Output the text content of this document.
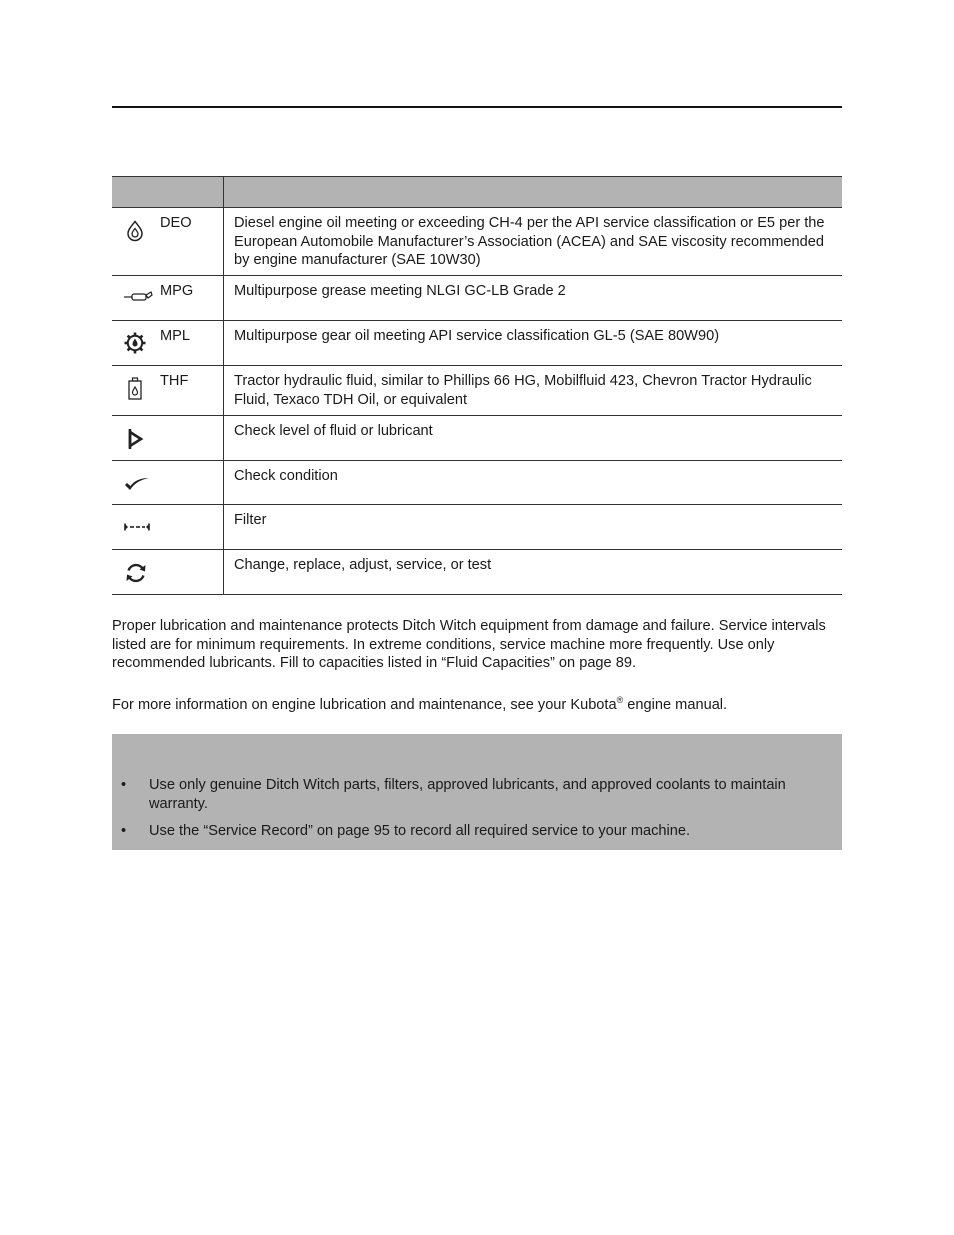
DEO	Diesel engine oil meeting or exceeding CH-4 per the API service classification or E5 per the European Automobile Manufacturer’s Association (ACEA) and SAE viscosity recommended by engine manufacturer (SAE 10W30)

MPG	Multipurpose grease meeting NLGI GC-LB Grade 2

MPL	Multipurpose gear oil meeting API service classification GL-5 (SAE 80W90)

THF	Tractor hydraulic fluid, similar to Phillips 66 HG, Mobilfluid 423, Chevron Tractor Hydraulic Fluid, Texaco TDH Oil, or equivalent

	Check level of fluid or lubricant

	Check condition

	Filter

	Change, replace, adjust, service, or test

Proper lubrication and maintenance protects Ditch Witch equipment from damage and failure. Service intervals listed are for minimum requirements. In extreme conditions, service machine more frequently. Use only recommended lubricants. Fill to capacities listed in “Fluid Capacities” on page 89.

For more information on engine lubrication and maintenance, see your Kubota® engine manual.

• Use only genuine Ditch Witch parts, filters, approved lubricants, and approved coolants to maintain warranty.
• Use the “Service Record” on page 95 to record all required service to your machine.
